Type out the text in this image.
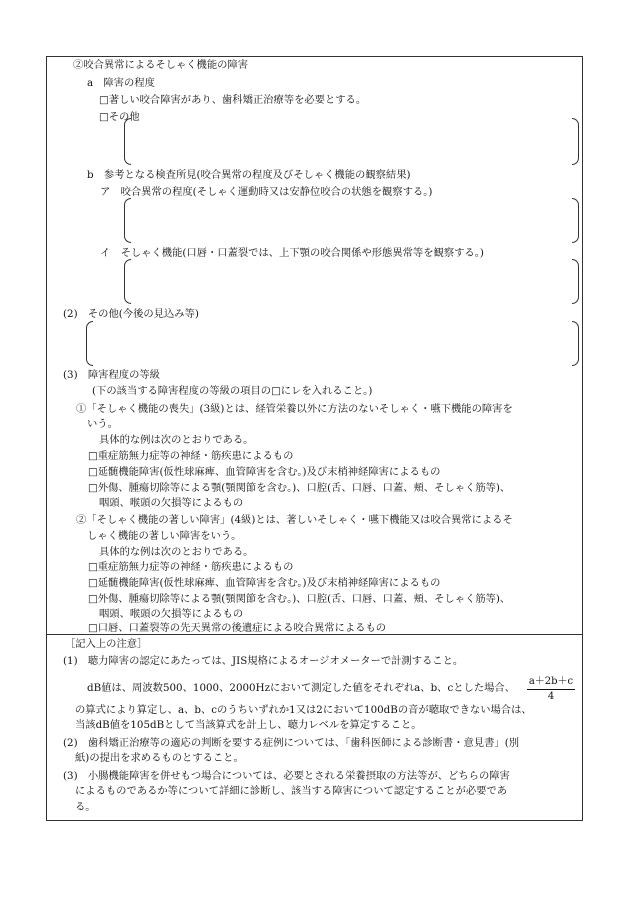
②咬合異常によるそしゃく機能の障害
a　障害の程度
□著しい咬合障害があり、歯科矯正治療等を必要とする。
□その他
b　参考となる検査所見(咬合異常の程度及びそしゃく機能の観察結果)
ア　咬合異常の程度(そしゃく運動時又は安静位咬合の状態を観察する。)
イ　そしゃく機能(口唇・口蓋裂では、上下顎の咬合関係や形態異常等を観察する。)
(2)　その他(今後の見込み等)
(3)　障害程度の等級
(下の該当する障害程度の等級の項目の□にレを入れること。)
①「そしゃく機能の喪失」(3級)とは、経管栄養以外に方法のないそしゃく・嚥下機能の障害を
いう。
具体的な例は次のとおりである。
□重症筋無力症等の神経・筋疾患によるもの
□延髄機能障害(仮性球麻痺、血管障害を含む。)及び末梢神経障害によるもの
□外傷、腫瘍切除等による顎(顎関節を含む。)、口腔(舌、口唇、口蓋、頬、そしゃく筋等)、
咽頭、喉頭の欠損等によるもの
②「そしゃく機能の著しい障害」(4級)とは、著しいそしゃく・嚥下機能又は咬合異常によるそ
しゃく機能の著しい障害をいう。
具体的な例は次のとおりである。
□重症筋無力症等の神経・筋疾患によるもの
□延髄機能障害(仮性球麻痺、血管障害を含む。)及び末梢神経障害によるもの
□外傷、腫瘍切除等による顎(顎関節を含む。)、口腔(舌、口唇、口蓋、頬、そしゃく筋等)、
咽頭、喉頭の欠損等によるもの
□口唇、口蓋裂等の先天異常の後遺症による咬合異常によるもの
［記入上の注意］
(1)　聴力障害の認定にあたっては、JIS規格によるオージオメーターで計測すること。
dB値は、周波数500、1000、2000Hzにおいて測定した値をそれぞれa、b、cとした場合、 $\frac{a+2b+c}{4}$
の算式により算定し、a、b、cのうちいずれか1又は2において100dBの音が聴取できない場合は、
当該dB値を105dBとして当該算式を計上し、聴力レベルを算定すること。
(2)　歯科矯正治療等の適応の判断を要する症例については、「歯科医師による診断書・意見書」(別
紙)の提出を求めるものとすること。
(3)　小腸機能障害を併せもつ場合については、必要とされる栄養摂取の方法等が、どちらの障害
によるものであるか等について詳細に診断し、該当する障害について認定することが必要であ
る。
